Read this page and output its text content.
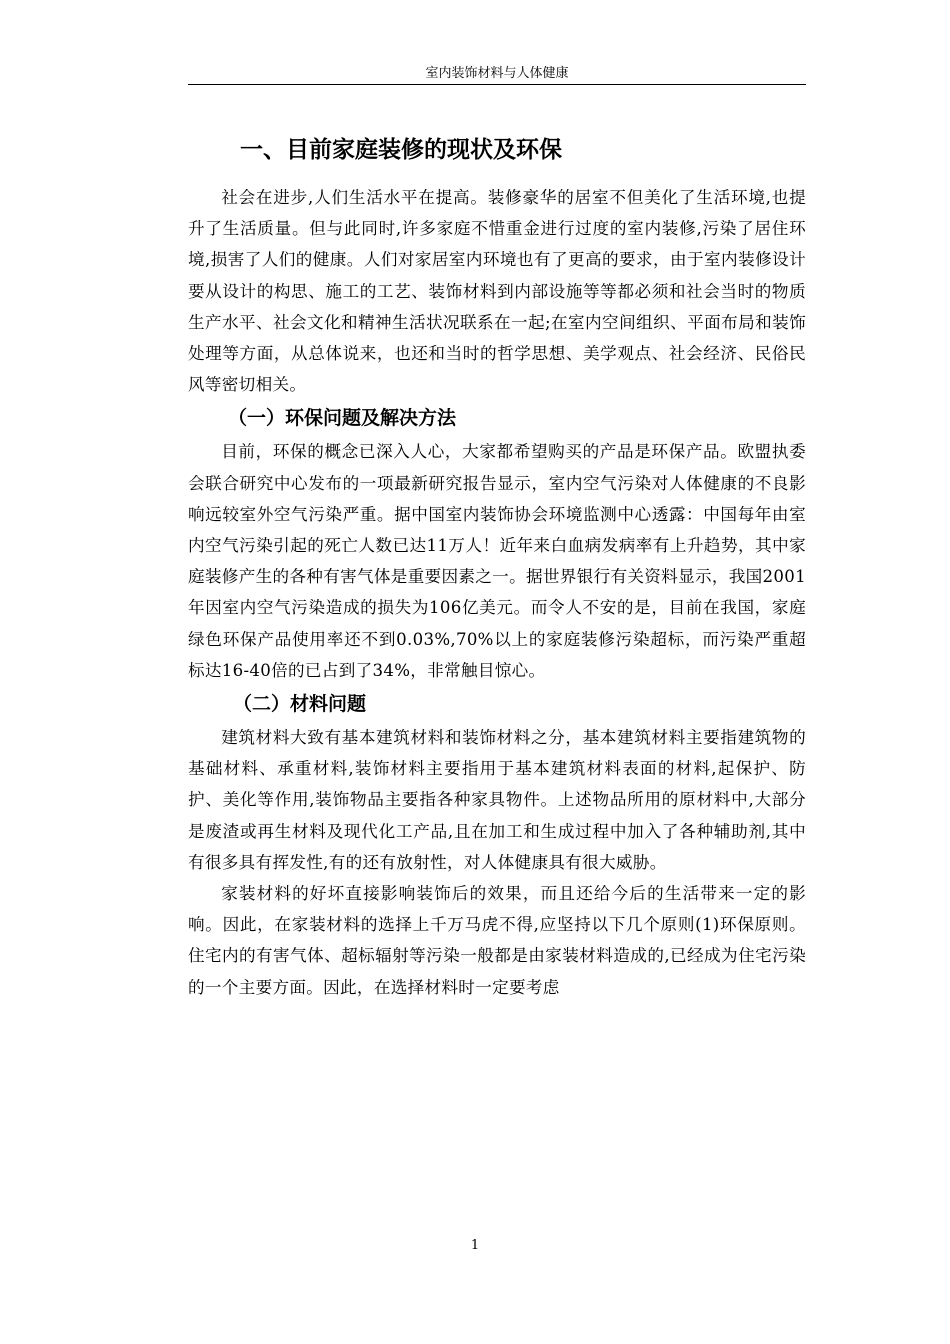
室内装饰材料与人体健康
一、目前家庭装修的现状及环保

社会在进步,人们生活水平在提高。装修豪华的居室不但美化了生活环境,也提升了生活质量。但与此同时,许多家庭不惜重金进行过度的室内装修,污染了居住环境,损害了人们的健康。人们对家居室内环境也有了更高的要求，由于室内装修设计要从设计的构思、施工的工艺、装饰材料到内部设施等等都必须和社会当时的物质生产水平、社会文化和精神生活状况联系在一起;在室内空间组织、平面布局和装饰处理等方面，从总体说来，也还和当时的哲学思想、美学观点、社会经济、民俗民风等密切相关。

（一）环保问题及解决方法

目前，环保的概念已深入人心，大家都希望购买的产品是环保产品。欧盟执委会联合研究中心发布的一项最新研究报告显示，室内空气污染对人体健康的不良影响远较室外空气污染严重。据中国室内装饰协会环境监测中心透露：中国每年由室内空气污染引起的死亡人数已达11万人！近年来白血病发病率有上升趋势，其中家庭装修产生的各种有害气体是重要因素之一。据世界银行有关资料显示，我国2001年因室内空气污染造成的损失为106亿美元。而令人不安的是，目前在我国，家庭绿色环保产品使用率还不到0.03%,70%以上的家庭装修污染超标，而污染严重超标达16-40倍的已占到了34%，非常触目惊心。

（二）材料问题

建筑材料大致有基本建筑材料和装饰材料之分，基本建筑材料主要指建筑物的基础材料、承重材料,装饰材料主要指用于基本建筑材料表面的材料,起保护、防护、美化等作用,装饰物品主要指各种家具物件。上述物品所用的原材料中,大部分是废渣或再生材料及现代化工产品,且在加工和生成过程中加入了各种辅助剂,其中有很多具有挥发性,有的还有放射性，对人体健康具有很大威胁。

家装材料的好坏直接影响装饰后的效果，而且还给今后的生活带来一定的影响。因此，在家装材料的选择上千万马虎不得,应坚持以下几个原则(1)环保原则。住宅内的有害气体、超标辐射等污染一般都是由家装材料造成的,已经成为住宅污染的一个主要方面。因此，在选择材料时一定要考虑

1
